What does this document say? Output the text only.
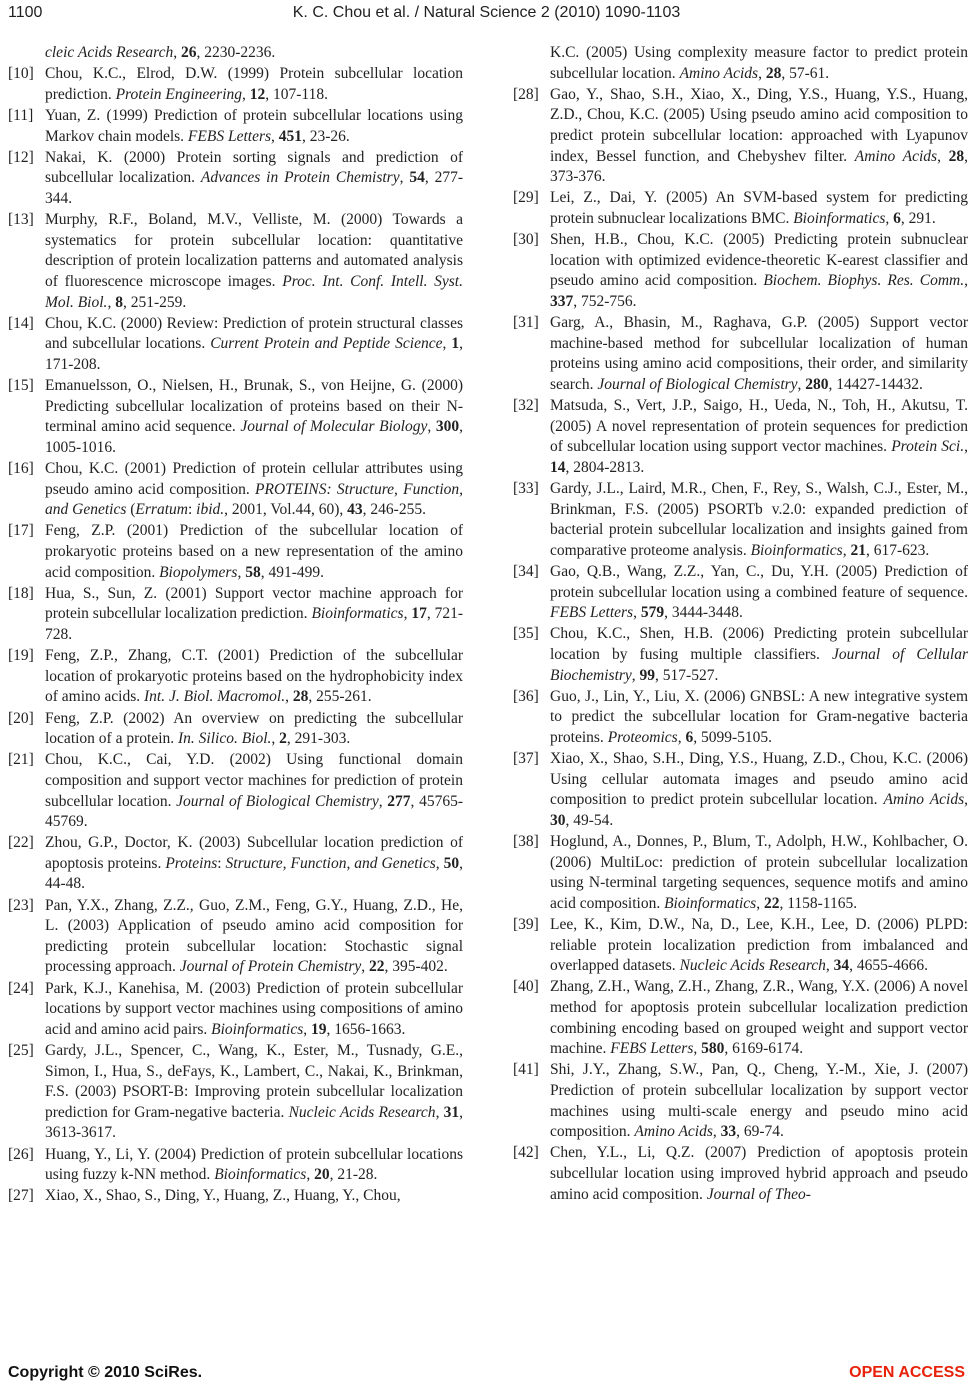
1100	K. C. Chou et al. / Natural Science 2 (2010) 1090-1103
cleic Acids Research, 26, 2230-2236.
[10] Chou, K.C., Elrod, D.W. (1999) Protein subcellular location prediction. Protein Engineering, 12, 107-118.
[11] Yuan, Z. (1999) Prediction of protein subcellular locations using Markov chain models. FEBS Letters, 451, 23-26.
[12] Nakai, K. (2000) Protein sorting signals and prediction of subcellular localization. Advances in Protein Chemistry, 54, 277-344.
[13] Murphy, R.F., Boland, M.V., Velliste, M. (2000) Towards a systematics for protein subcellular location: quantitative description of protein localization patterns and automated analysis of fluorescence microscope images. Proc. Int. Conf. Intell. Syst. Mol. Biol., 8, 251-259.
[14] Chou, K.C. (2000) Review: Prediction of protein structural classes and subcellular locations. Current Protein and Peptide Science, 1, 171-208.
[15] Emanuelsson, O., Nielsen, H., Brunak, S., von Heijne, G. (2000) Predicting subcellular localization of proteins based on their N-terminal amino acid sequence. Journal of Molecular Biology, 300, 1005-1016.
[16] Chou, K.C. (2001) Prediction of protein cellular attributes using pseudo amino acid composition. PROTEINS: Structure, Function, and Genetics (Erratum: ibid., 2001, Vol.44, 60), 43, 246-255.
[17] Feng, Z.P. (2001) Prediction of the subcellular location of prokaryotic proteins based on a new representation of the amino acid composition. Biopolymers, 58, 491-499.
[18] Hua, S., Sun, Z. (2001) Support vector machine approach for protein subcellular localization prediction. Bioinformatics, 17, 721-728.
[19] Feng, Z.P., Zhang, C.T. (2001) Prediction of the subcellular location of prokaryotic proteins based on the hydrophobicity index of amino acids. Int. J. Biol. Macromol., 28, 255-261.
[20] Feng, Z.P. (2002) An overview on predicting the subcellular location of a protein. In. Silico. Biol., 2, 291-303.
[21] Chou, K.C., Cai, Y.D. (2002) Using functional domain composition and support vector machines for prediction of protein subcellular location. Journal of Biological Chemistry, 277, 45765-45769.
[22] Zhou, G.P., Doctor, K. (2003) Subcellular location prediction of apoptosis proteins. Proteins: Structure, Function, and Genetics, 50, 44-48.
[23] Pan, Y.X., Zhang, Z.Z., Guo, Z.M., Feng, G.Y., Huang, Z.D., He, L. (2003) Application of pseudo amino acid composition for predicting protein subcellular location: Stochastic signal processing approach. Journal of Protein Chemistry, 22, 395-402.
[24] Park, K.J., Kanehisa, M. (2003) Prediction of protein subcellular locations by support vector machines using compositions of amino acid and amino acid pairs. Bioinformatics, 19, 1656-1663.
[25] Gardy, J.L., Spencer, C., Wang, K., Ester, M., Tusnady, G.E., Simon, I., Hua, S., deFays, K., Lambert, C., Nakai, K., Brinkman, F.S. (2003) PSORT-B: Improving protein subcellular localization prediction for Gram-negative bacteria. Nucleic Acids Research, 31, 3613-3617.
[26] Huang, Y., Li, Y. (2004) Prediction of protein subcellular locations using fuzzy k-NN method. Bioinformatics, 20, 21-28.
[27] Xiao, X., Shao, S., Ding, Y., Huang, Z., Huang, Y., Chou,
K.C. (2005) Using complexity measure factor to predict protein subcellular location. Amino Acids, 28, 57-61.
[28] Gao, Y., Shao, S.H., Xiao, X., Ding, Y.S., Huang, Y.S., Huang, Z.D., Chou, K.C. (2005) Using pseudo amino acid composition to predict protein subcellular location: approached with Lyapunov index, Bessel function, and Chebyshev filter. Amino Acids, 28, 373-376.
[29] Lei, Z., Dai, Y. (2005) An SVM-based system for predicting protein subnuclear localizations BMC. Bioinformatics, 6, 291.
[30] Shen, H.B., Chou, K.C. (2005) Predicting protein subnuclear location with optimized evidence-theoretic K-earest classifier and pseudo amino acid composition. Biochem. Biophys. Res. Comm., 337, 752-756.
[31] Garg, A., Bhasin, M., Raghava, G.P. (2005) Support vector machine-based method for subcellular localization of human proteins using amino acid compositions, their order, and similarity search. Journal of Biological Chemistry, 280, 14427-14432.
[32] Matsuda, S., Vert, J.P., Saigo, H., Ueda, N., Toh, H., Akutsu, T. (2005) A novel representation of protein sequences for prediction of subcellular location using support vector machines. Protein Sci., 14, 2804-2813.
[33] Gardy, J.L., Laird, M.R., Chen, F., Rey, S., Walsh, C.J., Ester, M., Brinkman, F.S. (2005) PSORTb v.2.0: expanded prediction of bacterial protein subcellular localization and insights gained from comparative proteome analysis. Bioinformatics, 21, 617-623.
[34] Gao, Q.B., Wang, Z.Z., Yan, C., Du, Y.H. (2005) Prediction of protein subcellular location using a combined feature of sequence. FEBS Letters, 579, 3444-3448.
[35] Chou, K.C., Shen, H.B. (2006) Predicting protein subcellular location by fusing multiple classifiers. Journal of Cellular Biochemistry, 99, 517-527.
[36] Guo, J., Lin, Y., Liu, X. (2006) GNBSL: A new integrative system to predict the subcellular location for Gram-negative bacteria proteins. Proteomics, 6, 5099-5105.
[37] Xiao, X., Shao, S.H., Ding, Y.S., Huang, Z.D., Chou, K.C. (2006) Using cellular automata images and pseudo amino acid composition to predict protein subcellular location. Amino Acids, 30, 49-54.
[38] Hoglund, A., Donnes, P., Blum, T., Adolph, H.W., Kohlbacher, O. (2006) MultiLoc: prediction of protein subcellular localization using N-terminal targeting sequences, sequence motifs and amino acid composition. Bioinformatics, 22, 1158-1165.
[39] Lee, K., Kim, D.W., Na, D., Lee, K.H., Lee, D. (2006) PLPD: reliable protein localization prediction from imbalanced and overlapped datasets. Nucleic Acids Research, 34, 4655-4666.
[40] Zhang, Z.H., Wang, Z.H., Zhang, Z.R., Wang, Y.X. (2006) A novel method for apoptosis protein subcellular localization prediction combining encoding based on grouped weight and support vector machine. FEBS Letters, 580, 6169-6174.
[41] Shi, J.Y., Zhang, S.W., Pan, Q., Cheng, Y.-M., Xie, J. (2007) Prediction of protein subcellular localization by support vector machines using multi-scale energy and pseudo mino acid composition. Amino Acids, 33, 69-74.
[42] Chen, Y.L., Li, Q.Z. (2007) Prediction of apoptosis protein subcellular location using improved hybrid approach and pseudo amino acid composition. Journal of Theo-
Copyright © 2010 SciRes.	OPEN ACCESS
